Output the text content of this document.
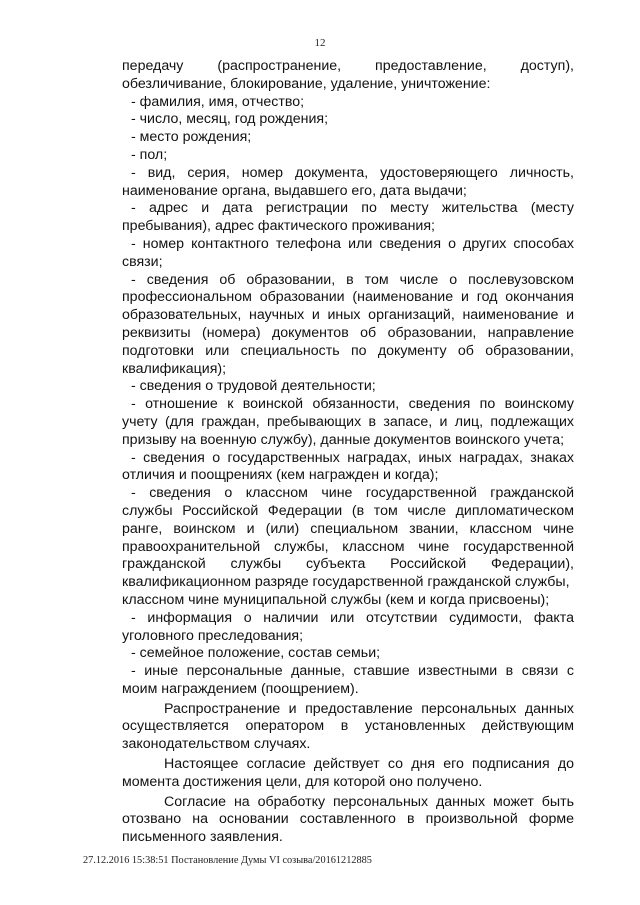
12
передачу (распространение, предоставление, доступ),
обезличивание, блокирование, удаление, уничтожение:
- фамилия, имя, отчество;
- число, месяц, год рождения;
- место рождения;
- пол;
- вид, серия, номер документа, удостоверяющего личность,
наименование органа, выдавшего его, дата выдачи;
- адрес и дата регистрации по месту жительства (месту
пребывания), адрес фактического проживания;
- номер контактного телефона или сведения о других способах
связи;
- сведения об образовании, в том числе о послевузовском
профессиональном образовании (наименование и год окончания
образовательных, научных и иных организаций, наименование и
реквизиты (номера) документов об образовании, направление
подготовки или специальность по документу об образовании,
квалификация);
- сведения о трудовой деятельности;
- отношение к воинской обязанности, сведения по воинскому
учету (для граждан, пребывающих в запасе, и лиц, подлежащих
призыву на военную службу), данные документов воинского учета;
- сведения о государственных наградах, иных наградах, знаках
отличия и поощрениях (кем награжден и когда);
- сведения о классном чине государственной гражданской
службы Российской Федерации (в том числе дипломатическом
ранге, воинском и (или) специальном звании, классном чине
правоохранительной службы, классном чине государственной
гражданской службы субъекта Российской Федерации),
квалификационном разряде государственной гражданской службы,
классном чине муниципальной службы (кем и когда присвоены);
- информация о наличии или отсутствии судимости, факта
уголовного преследования;
- семейное положение, состав семьи;
- иные персональные данные, ставшие известными в связи с
моим награждением (поощрением).
Распространение и предоставление персональных данных
осуществляется оператором в установленных действующим
законодательством случаях.
Настоящее согласие действует со дня его подписания до
момента достижения цели, для которой оно получено.
Согласие на обработку персональных данных может быть
отозвано на основании составленного в произвольной форме
письменного заявления.
27.12.2016 15:38:51 Постановление Думы VI созыва/20161212885
